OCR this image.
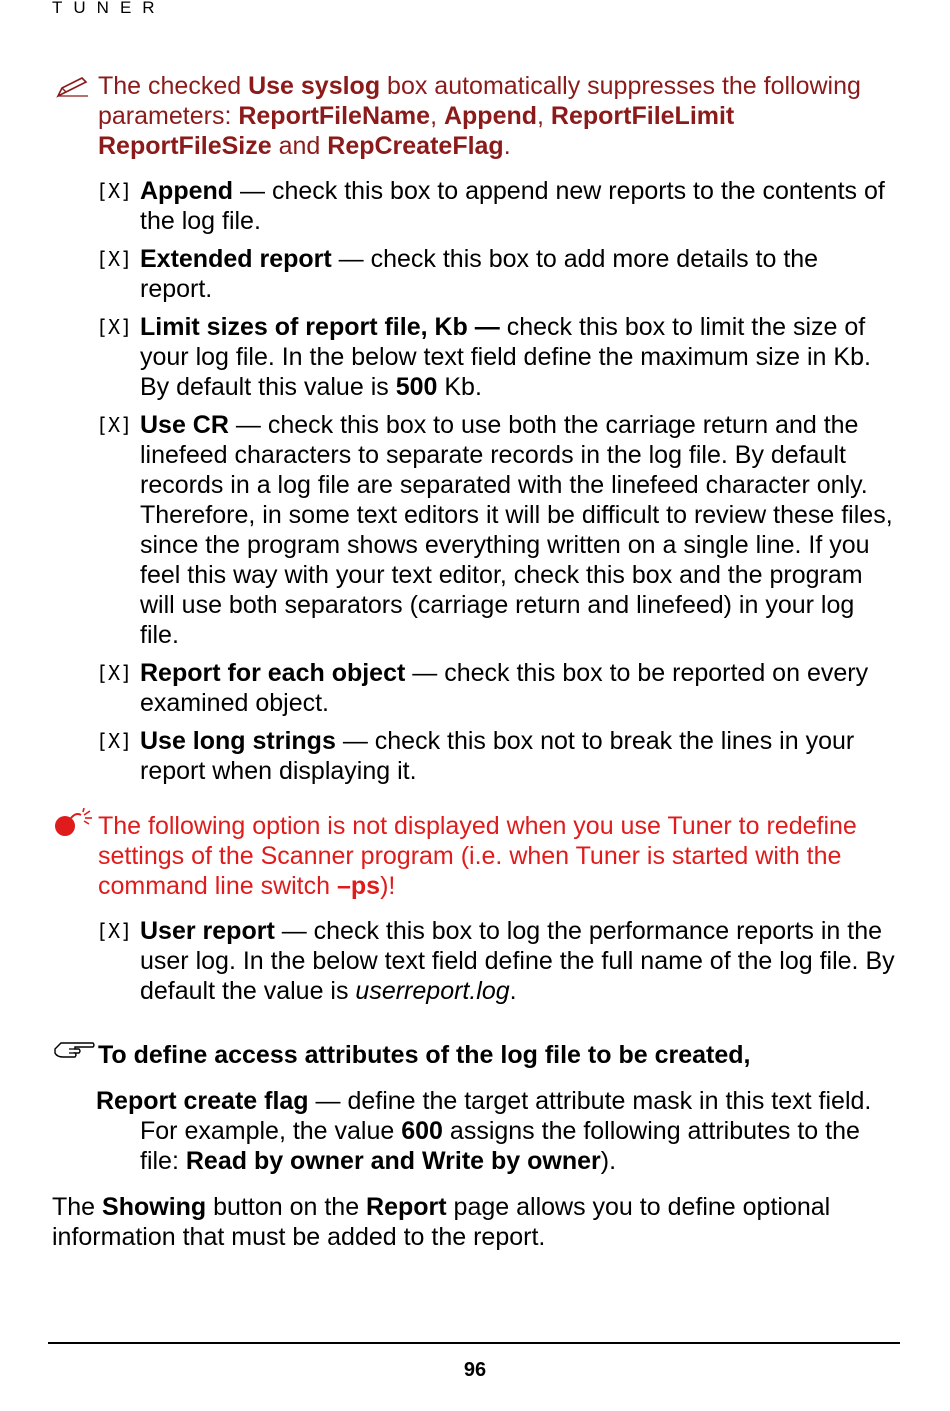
TUNER
The checked Use syslog box automatically suppresses the following parameters: ReportFileName, Append, ReportFileLimit
ReportFileSize and RepCreateFlag.
[X] Append — check this box to append new reports to the contents of the log file.
[X] Extended report — check this box to add more details to the report.
[X] Limit sizes of report file, Kb — check this box to limit the size of your log file. In the below text field define the maximum size in Kb. By default this value is 500 Kb.
[X] Use CR — check this box to use both the carriage return and the linefeed characters to separate records in the log file. By default records in a log file are separated with the linefeed character only. Therefore, in some text editors it will be difficult to review these files, since the program shows everything written on a single line. If you feel this way with your text editor, check this box and the program will use both separators (carriage return and linefeed) in your log file.
[X] Report for each object — check this box to be reported on every examined object.
[X] Use long strings — check this box not to break the lines in your report when displaying it.
The following option is not displayed when you use Tuner to redefine settings of the Scanner program (i.e. when Tuner is started with the command line switch –ps)!
[X] User report — check this box to log the performance reports in the user log. In the below text field define the full name of the log file. By default the value is userreport.log.
To define access attributes of the log file to be created,
Report create flag — define the target attribute mask in this text field. For example, the value 600 assigns the following attributes to the file: Read by owner and Write by owner).
The Showing button on the Report page allows you to define optional information that must be added to the report.
96
